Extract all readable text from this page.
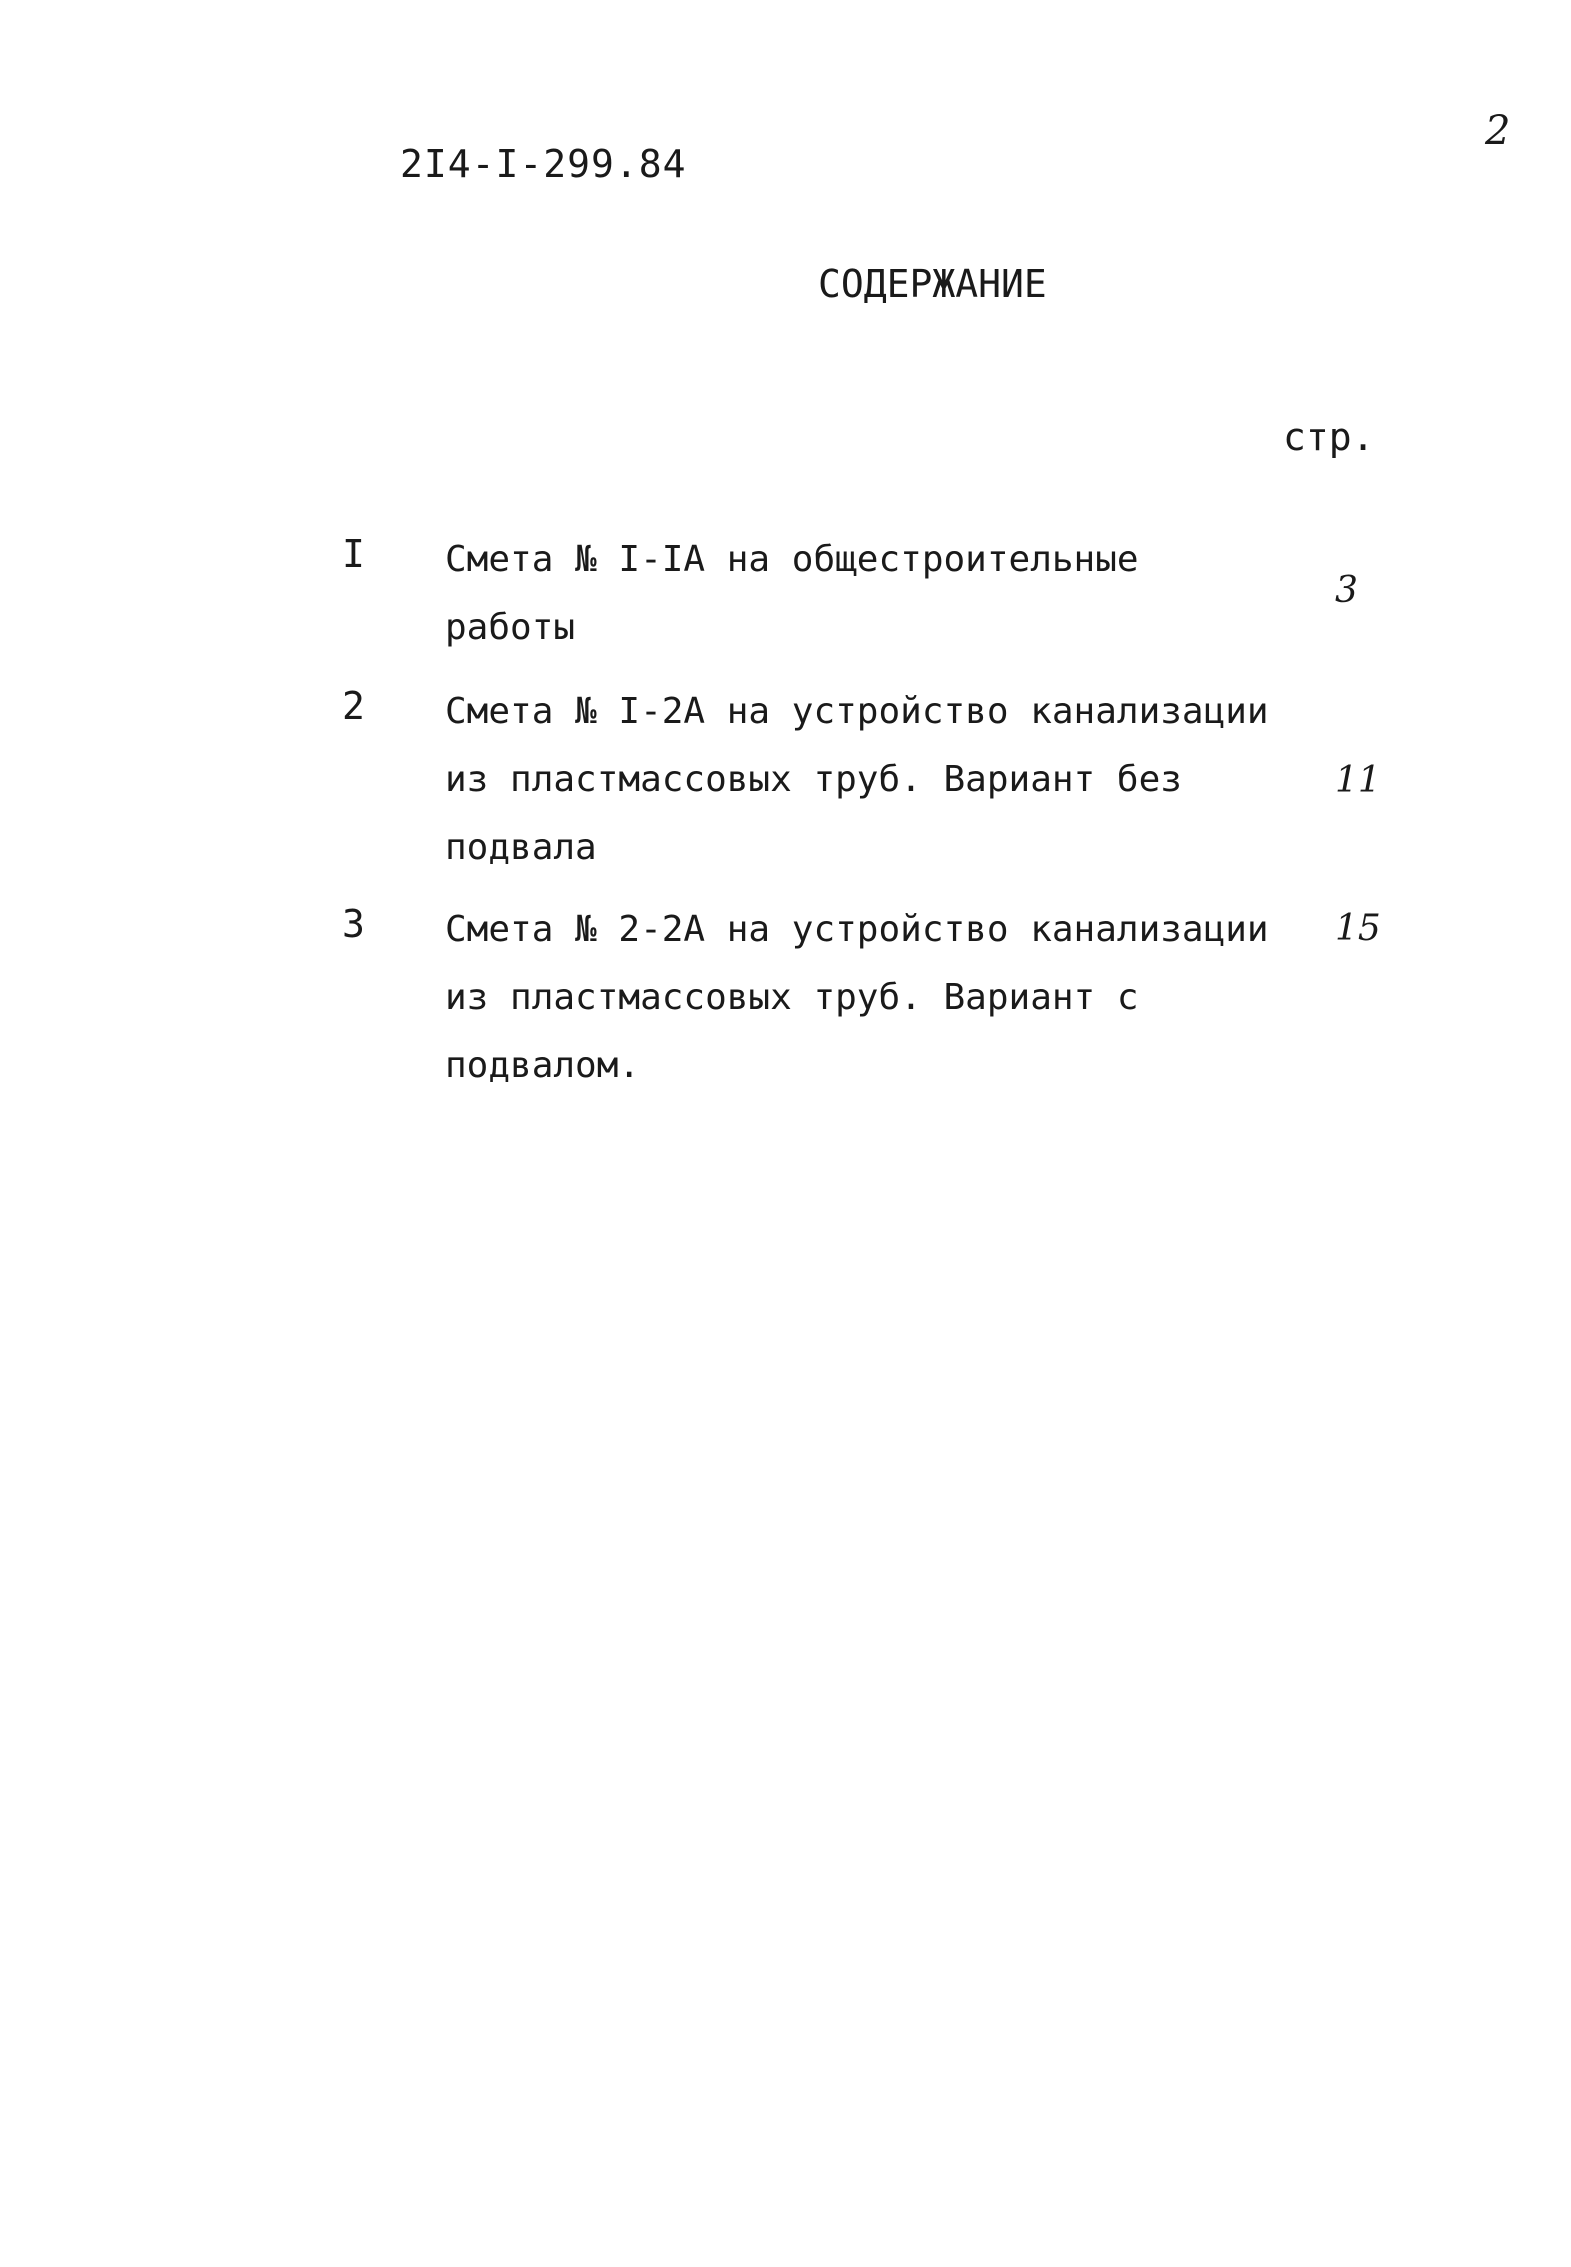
2I4-I-299.84
2
СОДЕРЖАНИЕ
стр.
I Смета № I-IA на общестроительные
работы
3
2 Смета № I-2A на устройство канализации
из пластмассовых труб. Вариант без
подвала
11
3 Смета № 2-2A на устройство канализации
из пластмассовых труб. Вариант с
подвалом.
15
